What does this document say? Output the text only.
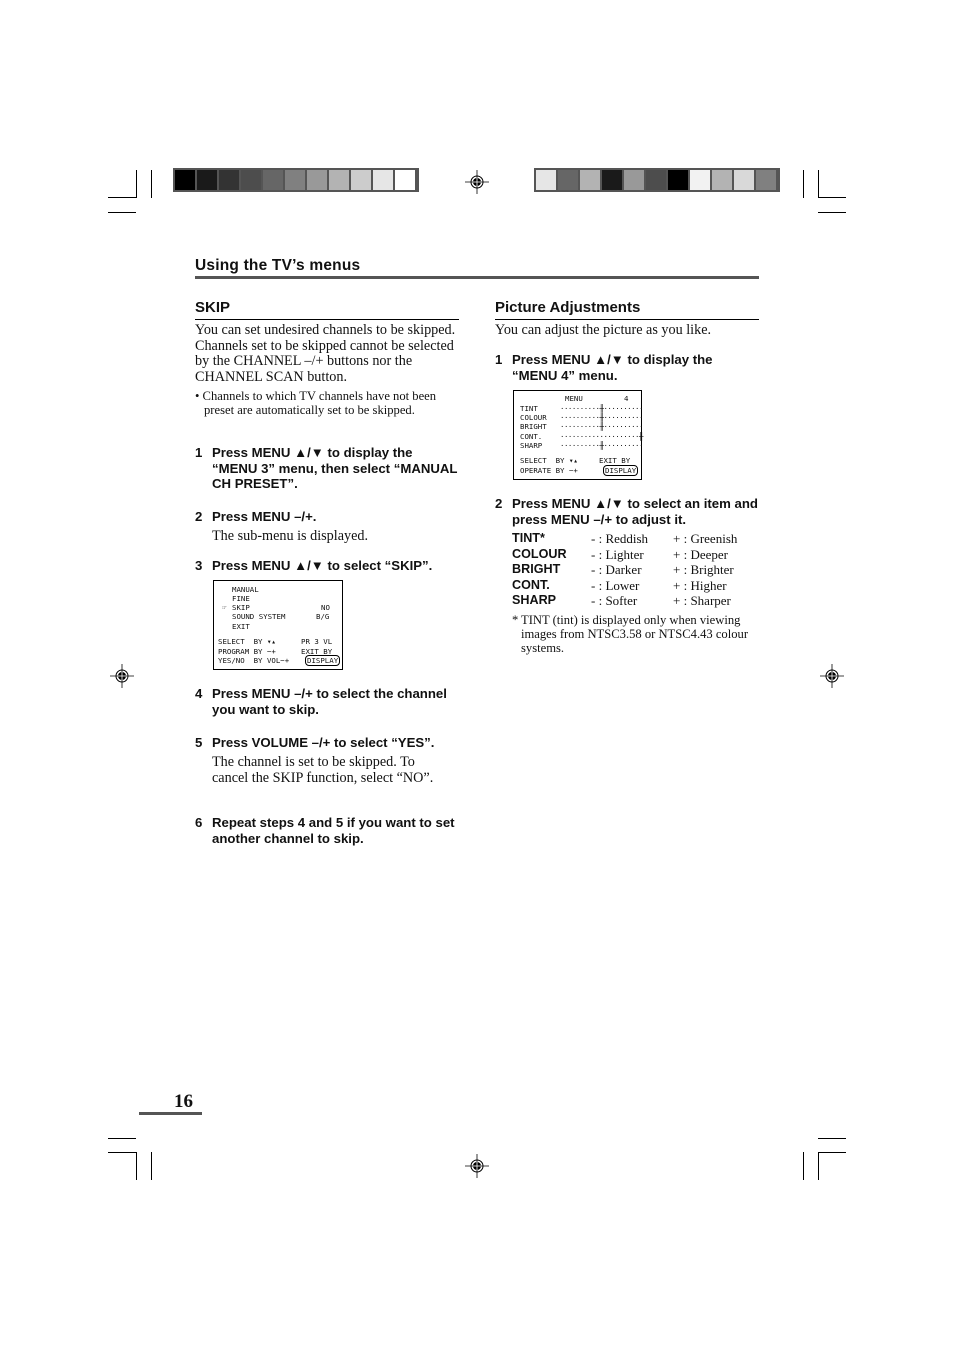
Using the TV’s menus
SKIP
You can set undesired channels to be skipped. Channels set to be skipped cannot be selected by the CHANNEL –/+ buttons nor the CHANNEL SCAN button.
• Channels to which TV channels have not been preset are automatically set to be skipped.
1 Press MENU ▲/▼ to display the “MENU 3” menu, then select “MANUAL CH PRESET”.
2 Press MENU –/+.
The sub-menu is displayed.
3 Press MENU ▲/▼ to select “SKIP”.
MANUAL
FINE
☞ SKIP	NO
SOUND SYSTEM	B/G
EXIT
SELECT  BY ▾▴	PR 3 VL
PROGRAM BY −+	EXIT BY
YES/NO  BY VOL−+ DISPLAY
4 Press MENU –/+ to select the channel you want to skip.
5 Press VOLUME –/+ to select “YES”.
The channel is set to be skipped. To cancel the SKIP function, select “NO”.
6 Repeat steps 4 and 5 if you want to set another channel to skip.
Picture Adjustments
You can adjust the picture as you like.
1 Press MENU ▲/▼ to display the “MENU 4” menu.
MENU	4
TINT	··········╫··········
COLOUR ··········╫··········
BRIGHT ··········╫··········
CONT. ····················╫
SHARP ··········╫··········
SELECT  BY ▾▴	EXIT BY
OPERATE BY −+	DISPLAY
2 Press MENU ▲/▼ to select an item and press MENU –/+ to adjust it.
TINT*	- : Reddish + : Greenish
COLOUR - : Lighter + : Deeper
BRIGHT - : Darker + : Brighter
CONT.	- : Lower	+ : Higher
SHARP	- : Softer	+ : Sharper
* TINT (tint) is displayed only when viewing images from NTSC3.58 or NTSC4.43 colour systems.
16
